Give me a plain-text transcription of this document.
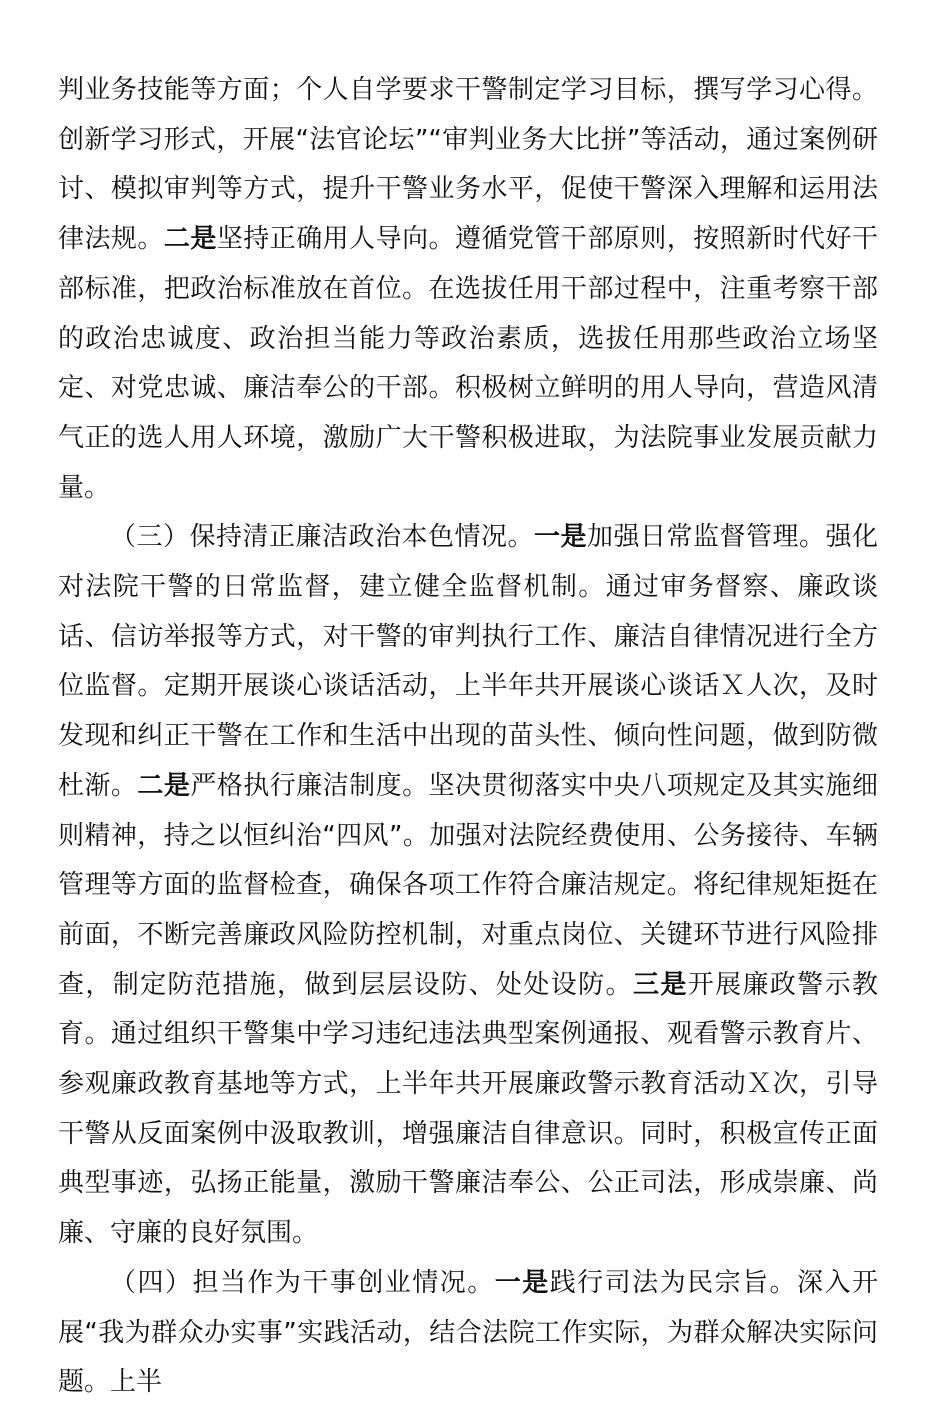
判业务技能等方面；个人自学要求干警制定学习目标，撰写学习心得。创新学习形式，开展“法官论坛”“审判业务大比拼”等活动，通过案例研讨、模拟审判等方式，提升干警业务水平，促使干警深入理解和运用法律法规。二是坚持正确用人导向。遵循党管干部原则，按照新时代好干部标准，把政治标准放在首位。在选拔任用干部过程中，注重考察干部的政治忠诚度、政治担当能力等政治素质，选拔任用那些政治立场坚定、对党忠诚、廉洁奉公的干部。积极树立鲜明的用人导向，营造风清气正的选人用人环境，激励广大干警积极进取，为法院事业发展贡献力量。

（三）保持清正廉洁政治本色情况。一是加强日常监督管理。强化对法院干警的日常监督，建立健全监督机制。通过审务督察、廉政谈话、信访举报等方式，对干警的审判执行工作、廉洁自律情况进行全方位监督。定期开展谈心谈话活动，上半年共开展谈心谈话Ｘ人次，及时发现和纠正干警在工作和生活中出现的苗头性、倾向性问题，做到防微杜渐。二是严格执行廉洁制度。坚决贯彻落实中央八项规定及其实施细则精神，持之以恒纠治“四风”。加强对法院经费使用、公务接待、车辆管理等方面的监督检查，确保各项工作符合廉洁规定。将纪律规矩挺在前面，不断完善廉政风险防控机制，对重点岗位、关键环节进行风险排查，制定防范措施，做到层层设防、处处设防。三是开展廉政警示教育。通过组织干警集中学习违纪违法典型案例通报、观看警示教育片、参观廉政教育基地等方式，上半年共开展廉政警示教育活动Ｘ次，引导干警从反面案例中汲取教训，增强廉洁自律意识。同时，积极宣传正面典型事迹，弘扬正能量，激励干警廉洁奉公、公正司法，形成崇廉、尚廉、守廉的良好氛围。

（四）担当作为干事创业情况。一是践行司法为民宗旨。深入开展“我为群众办实事”实践活动，结合法院工作实际，为群众解决实际问题。上半
